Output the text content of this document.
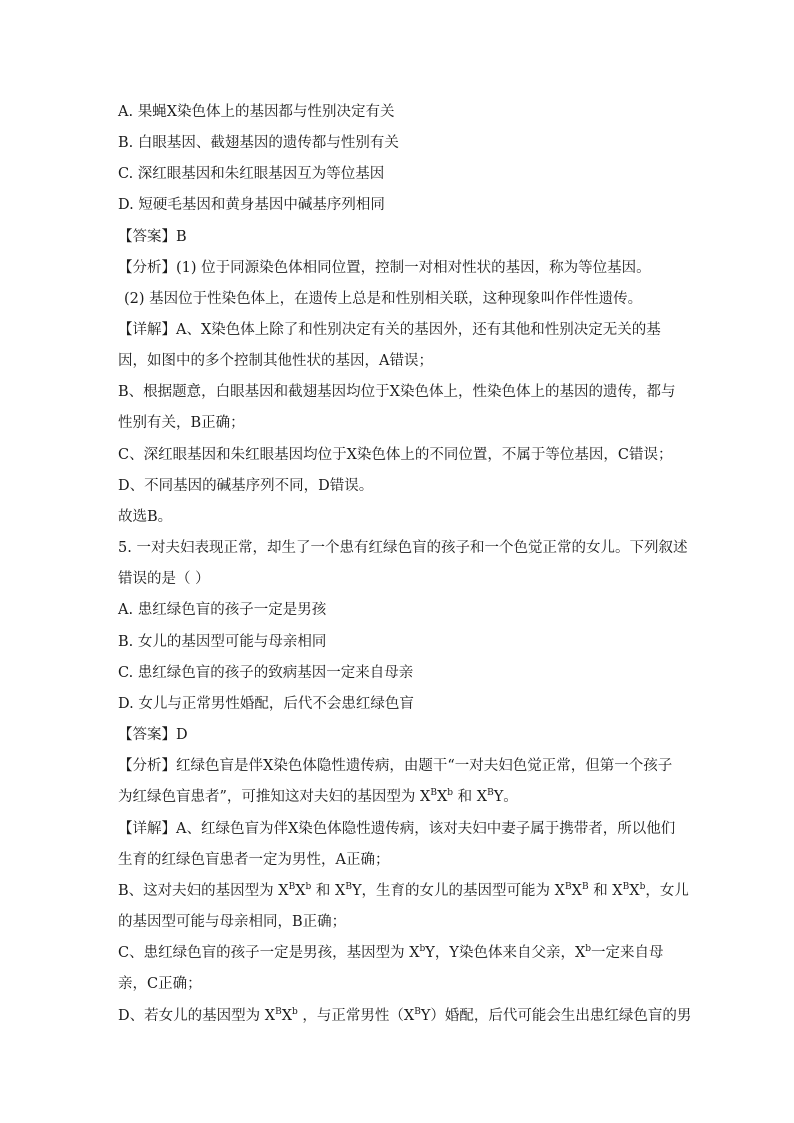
A. 果蝇X染色体上的基因都与性别决定有关
B. 白眼基因、截翅基因的遗传都与性别有关
C. 深红眼基因和朱红眼基因互为等位基因
D. 短硬毛基因和黄身基因中碱基序列相同
【答案】B
【分析】(1) 位于同源染色体相同位置，控制一对相对性状的基因，称为等位基因。
(2) 基因位于性染色体上，在遗传上总是和性别相关联，这种现象叫作伴性遗传。
【详解】A、X染色体上除了和性别决定有关的基因外，还有其他和性别决定无关的基
因，如图中的多个控制其他性状的基因，A错误；
B、根据题意，白眼基因和截翅基因均位于X染色体上，性染色体上的基因的遗传，都与
性别有关，B正确；
C、深红眼基因和朱红眼基因均位于X染色体上的不同位置，不属于等位基因，C错误；
D、不同基因的碱基序列不同，D错误。
故选B。
5. 一对夫妇表现正常，却生了一个患有红绿色盲的孩子和一个色觉正常的女儿。下列叙述
错误的是（ ）
A. 患红绿色盲的孩子一定是男孩
B. 女儿的基因型可能与母亲相同
C. 患红绿色盲的孩子的致病基因一定来自母亲
D. 女儿与正常男性婚配，后代不会患红绿色盲
【答案】D
【分析】红绿色盲是伴X染色体隐性遗传病，由题干“一对夫妇色觉正常，但第一个孩子
为红绿色盲患者”，可推知这对夫妇的基因型为 $X^BX^b$ 和 $X^BY$。
【详解】A、红绿色盲为伴X染色体隐性遗传病，该对夫妇中妻子属于携带者，所以他们
生育的红绿色盲患者一定为男性，A正确；
B、这对夫妇的基因型为 $X^BX^b$ 和 $X^BY$，生育的女儿的基因型可能为 $X^BX^B$ 和 $X^BX^b$，女儿
的基因型可能与母亲相同，B正确；
C、患红绿色盲的孩子一定是男孩，基因型为 $X^bY$，Y染色体来自父亲，$X^b$一定来自母
亲，C正确；
D、若女儿的基因型为 $X^BX^b$ ，与正常男性$(X^BY)$婚配，后代可能会生出患红绿色盲的男
